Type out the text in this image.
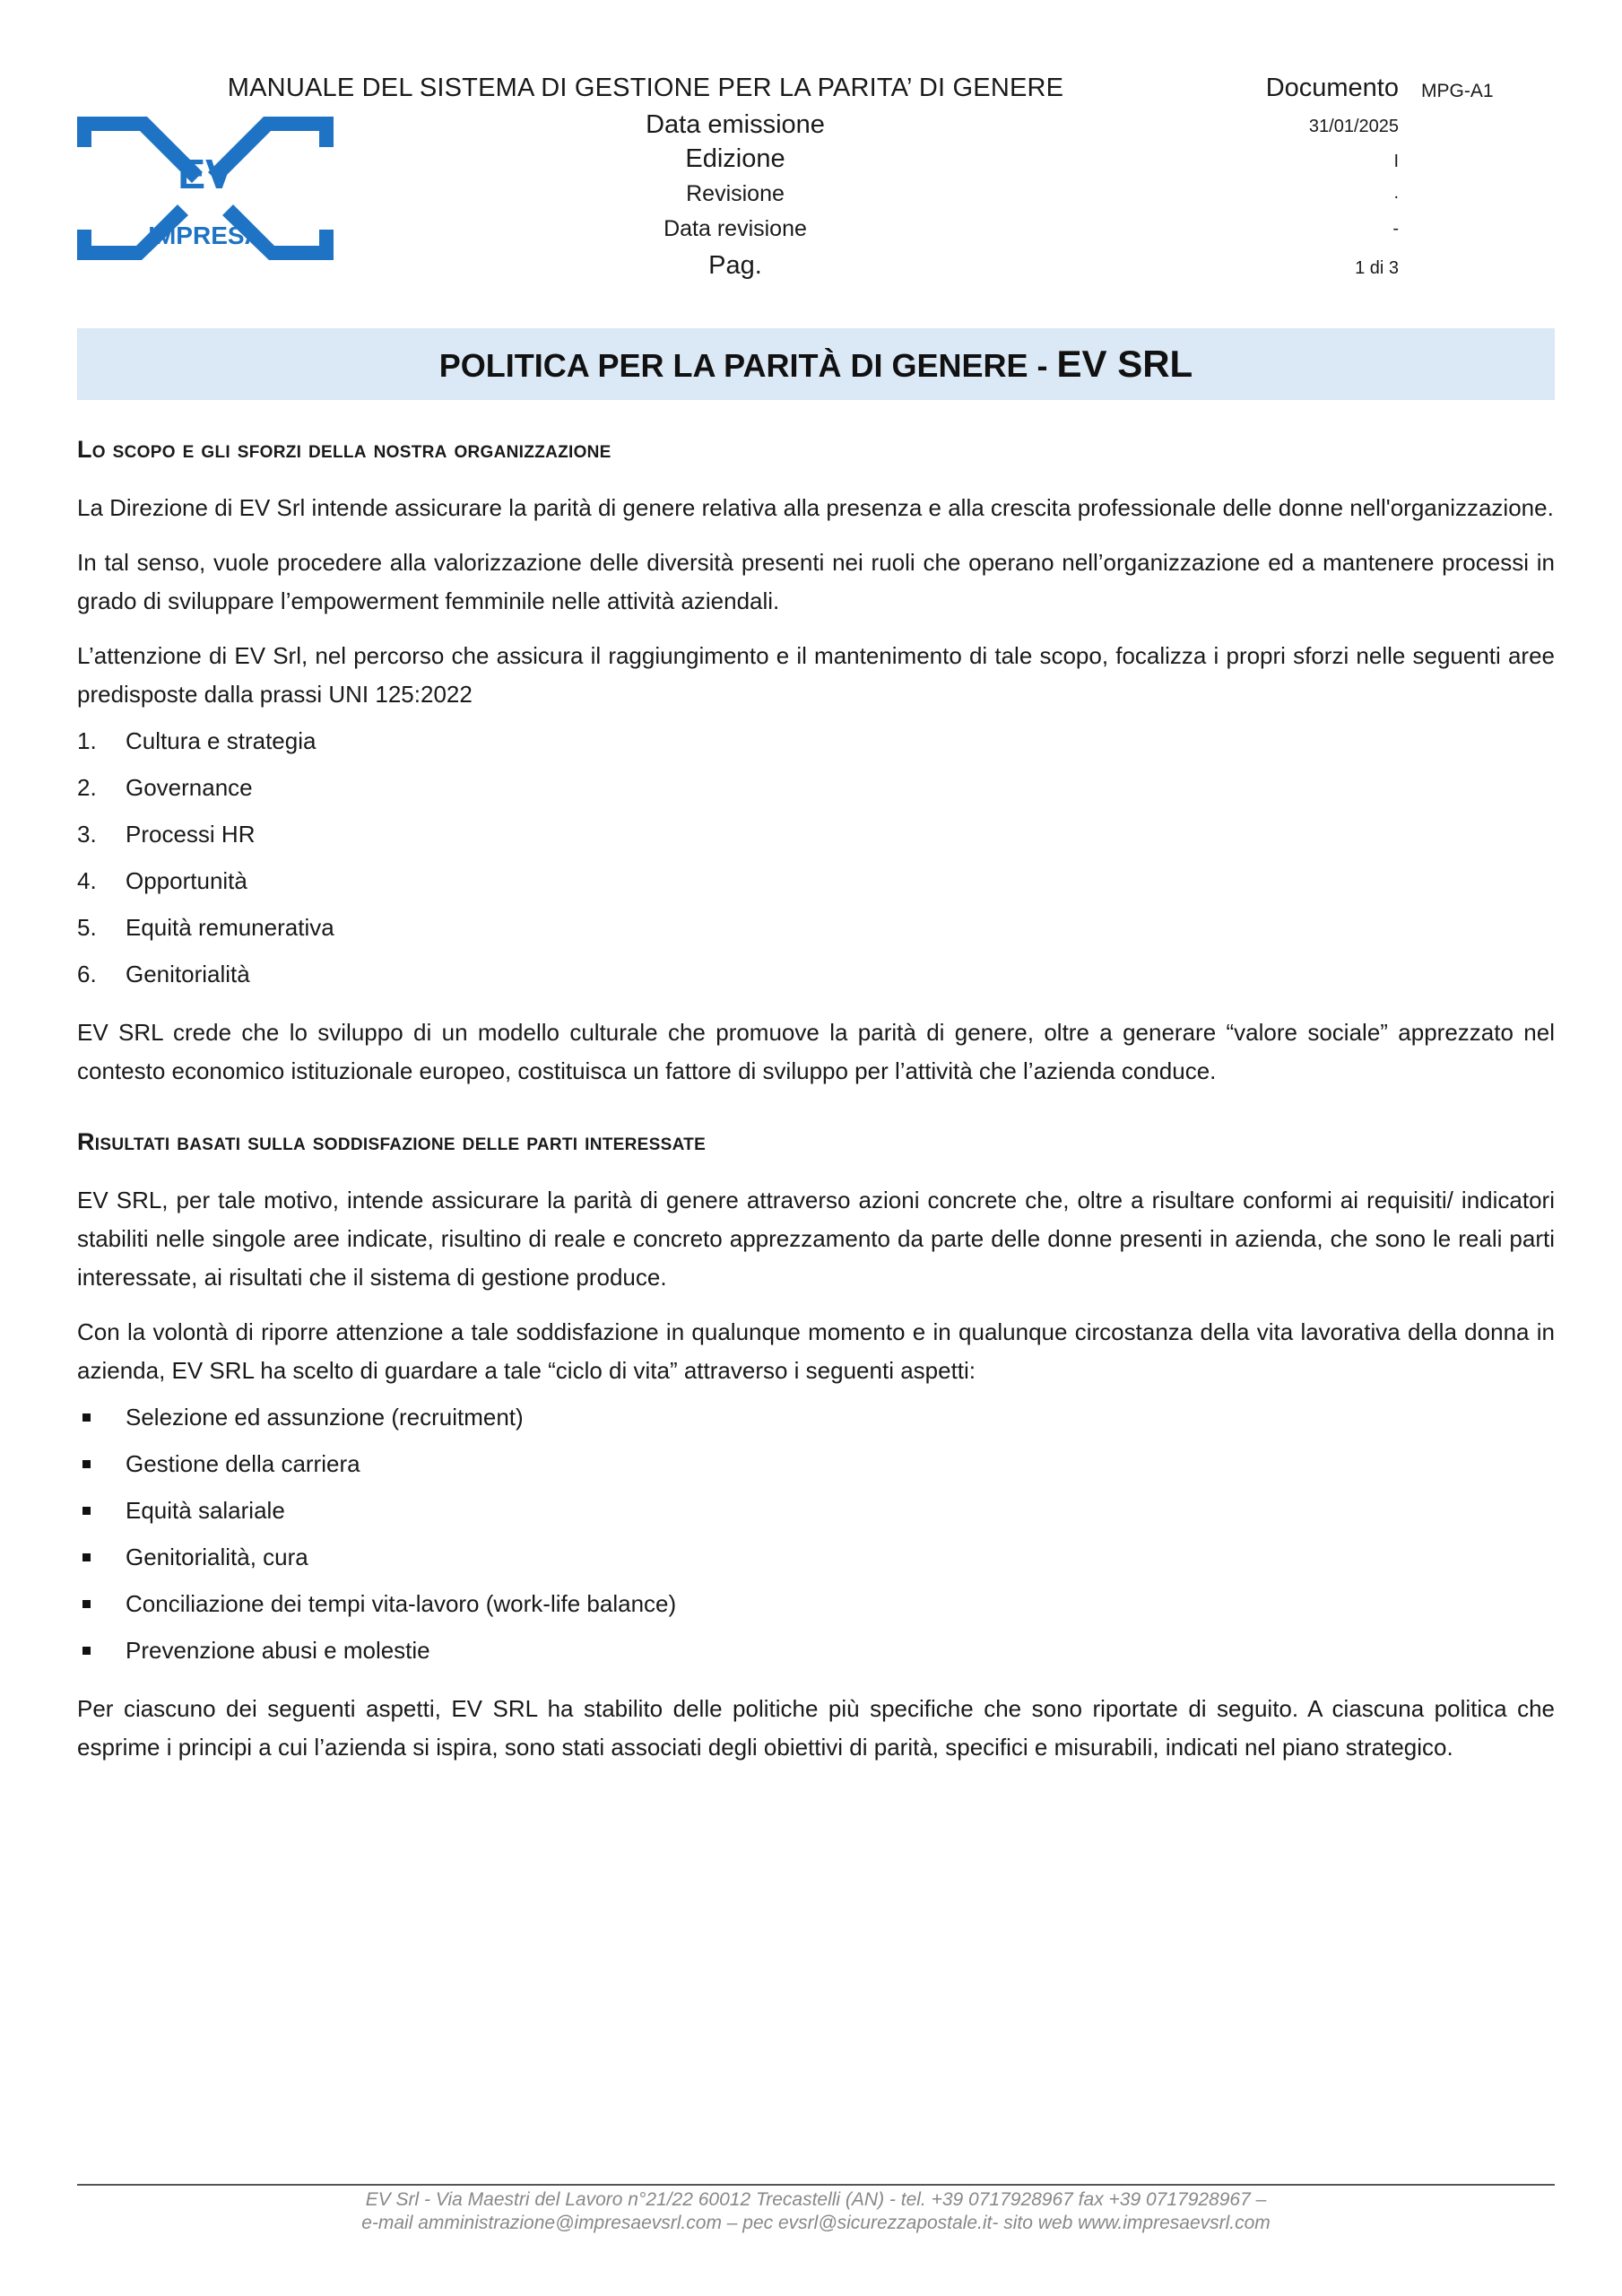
MANUALE DEL SISTEMA DI GESTIONE PER LA PARITA’ DI GENERE	Documento MPG-A1
EV
IMPRESA
Data emissione	31/01/2025
Edizione	I
Revisione	.
Data revisione	-
Pag.	1 di 3
POLITICA PER LA PARITÀ DI GENERE - EV SRL
Lo scopo e gli sforzi della nostra organizzazione

La Direzione di EV Srl intende assicurare la parità di genere relativa alla presenza e alla crescita professionale delle donne nell'organizzazione.

In tal senso, vuole procedere alla valorizzazione delle diversità presenti nei ruoli che operano nell’organizzazione ed a mantenere processi in grado di sviluppare l’empowerment femminile nelle attività aziendali.

L’attenzione di EV Srl, nel percorso che assicura il raggiungimento e il mantenimento di tale scopo, focalizza i propri sforzi nelle seguenti aree predisposte dalla prassi UNI 125:2022

1.	Cultura e strategia
2.	Governance
3.	Processi HR
4.	Opportunità
5.	Equità remunerativa
6.	Genitorialità

EV SRL crede che lo sviluppo di un modello culturale che promuove la parità di genere, oltre a generare “valore sociale” apprezzato nel contesto economico istituzionale europeo, costituisca un fattore di sviluppo per l’attività che l’azienda conduce.

Risultati basati sulla soddisfazione delle parti interessate

EV SRL, per tale motivo, intende assicurare la parità di genere attraverso azioni concrete che, oltre a risultare conformi ai requisiti/ indicatori stabiliti nelle singole aree indicate, risultino di reale e concreto apprezzamento da parte delle donne presenti in azienda, che sono le reali parti interessate, ai risultati che il sistema di gestione produce.

Con la volontà di riporre attenzione a tale soddisfazione in qualunque momento e in qualunque circostanza della vita lavorativa della donna in azienda, EV SRL ha scelto di guardare a tale “ciclo di vita” attraverso i seguenti aspetti:

Selezione ed assunzione (recruitment)
Gestione della carriera
Equità salariale
Genitorialità, cura
Conciliazione dei tempi vita-lavoro (work-life balance)
Prevenzione abusi e molestie

Per ciascuno dei seguenti aspetti, EV SRL ha stabilito delle politiche più specifiche che sono riportate di seguito. A ciascuna politica che esprime i principi a cui l’azienda si ispira, sono stati associati degli obiettivi di parità, specifici e misurabili, indicati nel piano strategico.

EV Srl - Via Maestri del Lavoro n°21/22 60012 Trecastelli (AN) - tel. +39 0717928967 fax +39 0717928967 –
e-mail amministrazione@impresaevsrl.com – pec evsrl@sicurezzapostale.it- sito web www.impresaevsrl.com
